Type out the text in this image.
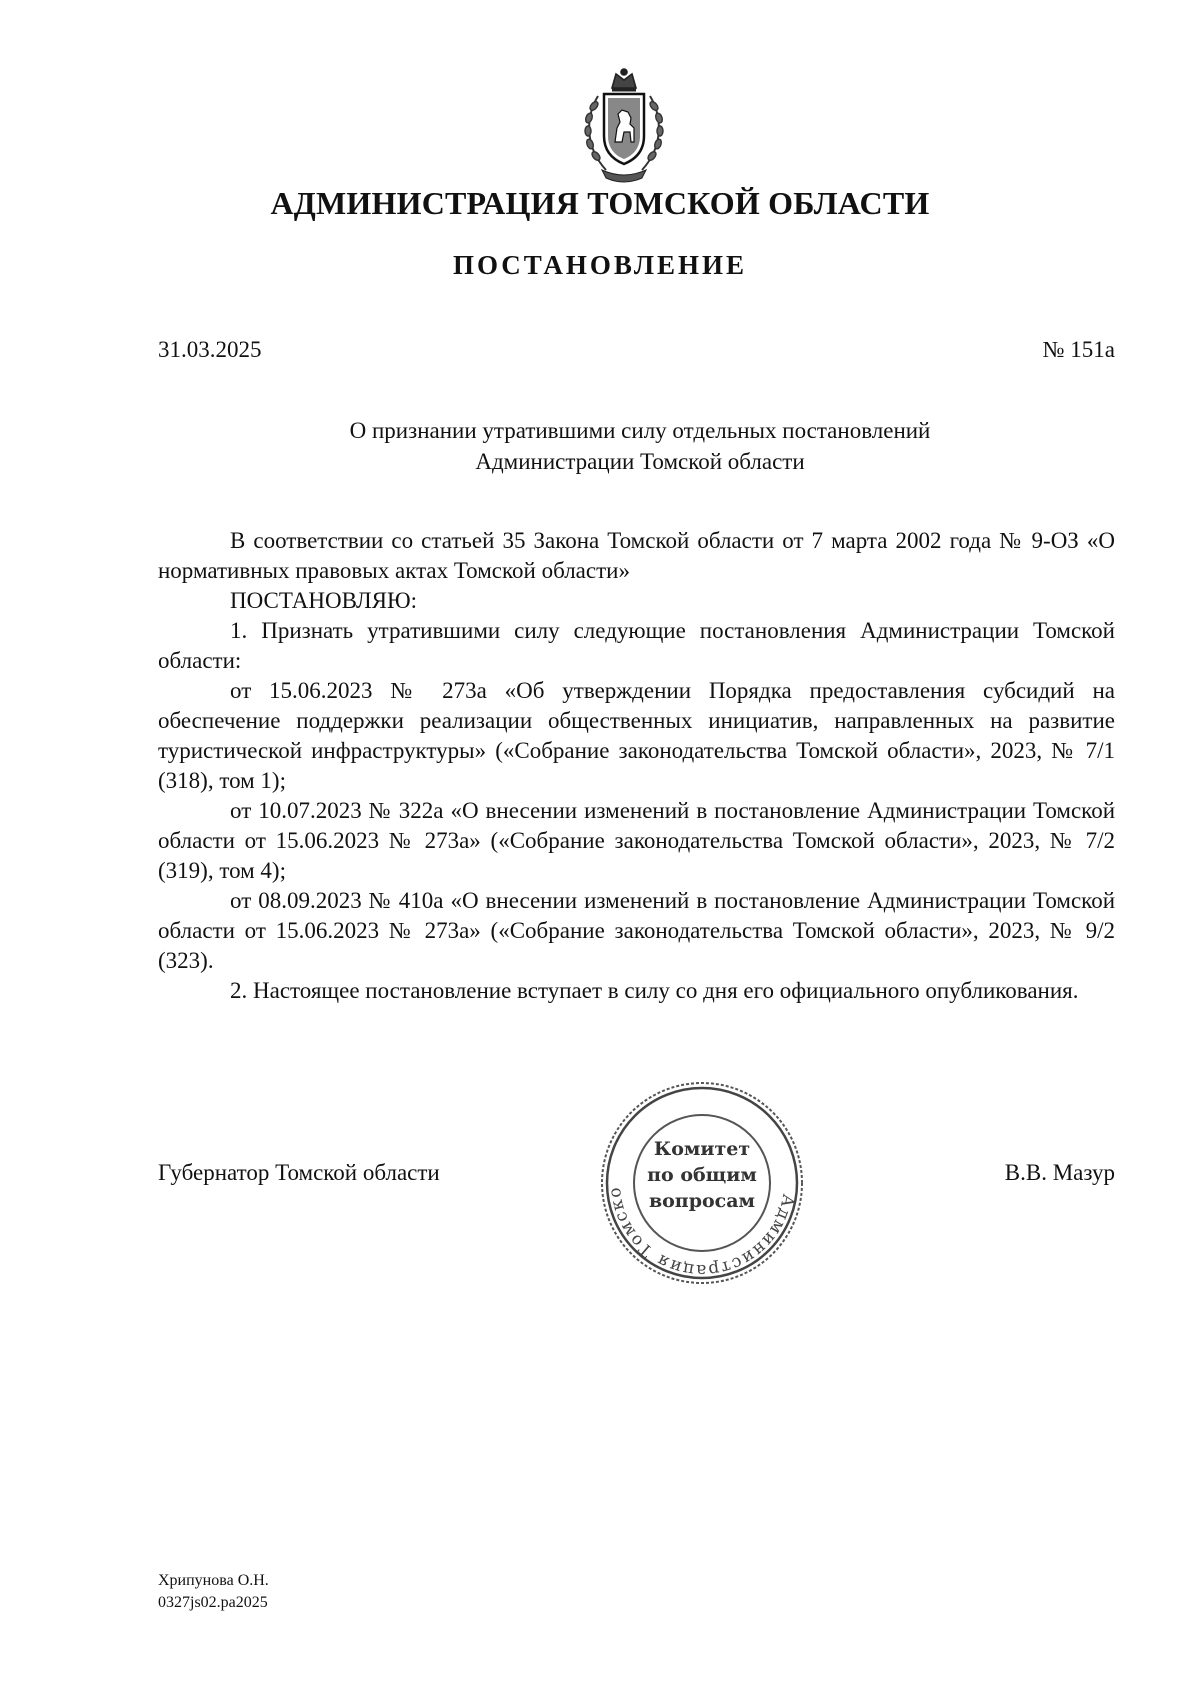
АДМИНИСТРАЦИЯ ТОМСКОЙ ОБЛАСТИ
ПОСТАНОВЛЕНИЕ
31.03.2025	№ 151а
О признании утратившими силу отдельных постановлений
Администрации Томской области

В соответствии со статьей 35 Закона Томской области от 7 марта 2002 года № 9-ОЗ «О нормативных правовых актах Томской области»

ПОСТАНОВЛЯЮ:

1. Признать утратившими силу следующие постановления Администрации Томской области:

от 15.06.2023 № 273а «Об утверждении Порядка предоставления субсидий на обеспечение поддержки реализации общественных инициатив, направленных на развитие туристической инфраструктуры» («Собрание законодательства Томской области», 2023, № 7/1 (318), том 1);

от 10.07.2023 № 322а «О внесении изменений в постановление Администрации Томской области от 15.06.2023 № 273а» («Собрание законодательства Томской области», 2023, № 7/2 (319), том 4);

от 08.09.2023 № 410а «О внесении изменений в постановление Администрации Томской области от 15.06.2023 № 273а» («Собрание законодательства Томской области», 2023, № 9/2 (323).

2. Настоящее постановление вступает в силу со дня его официального опубликования.

Губернатор Томской области	В.В. Мазур
Администрация Томско
Комитет
по общим
вопросам
Хрипунова О.Н.
0327js02.pa2025
